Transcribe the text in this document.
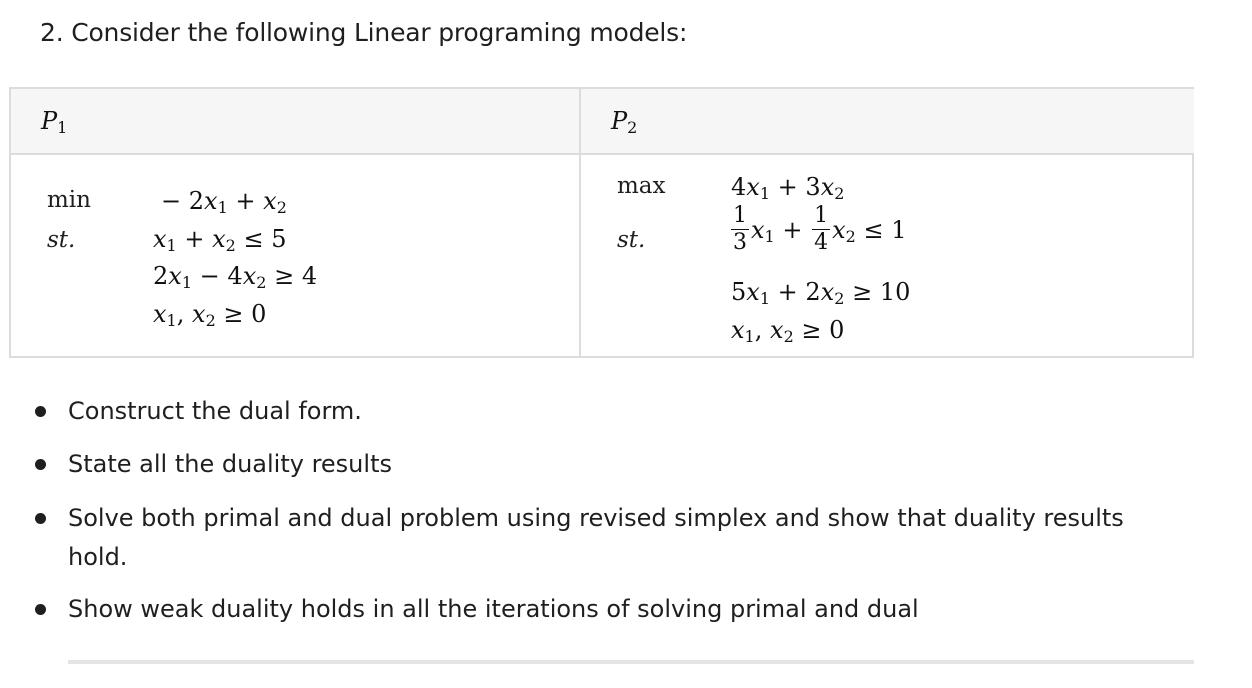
2. Consider the following Linear programing models:
$P_1$
min
st.
− $2x_1 + x_2$
$x_1 + x_2 \le 5$
$2x_1 - 4x_2 \ge 4$
$x_1$, $x_2 \ge 0$
$P_2$
max
st.
$4x_1 + 3x_2$
$\frac{1}{3} x_1 + \frac{1}{4} x_2 \le 1$
$5x_1 + 2x_2 \ge 10$
$x_1$, $x_2 \ge 0$
Construct the dual form.
State all the duality results
Solve both primal and dual problem using revised simplex and show that duality results hold.
Show weak duality holds in all the iterations of solving primal and dual
